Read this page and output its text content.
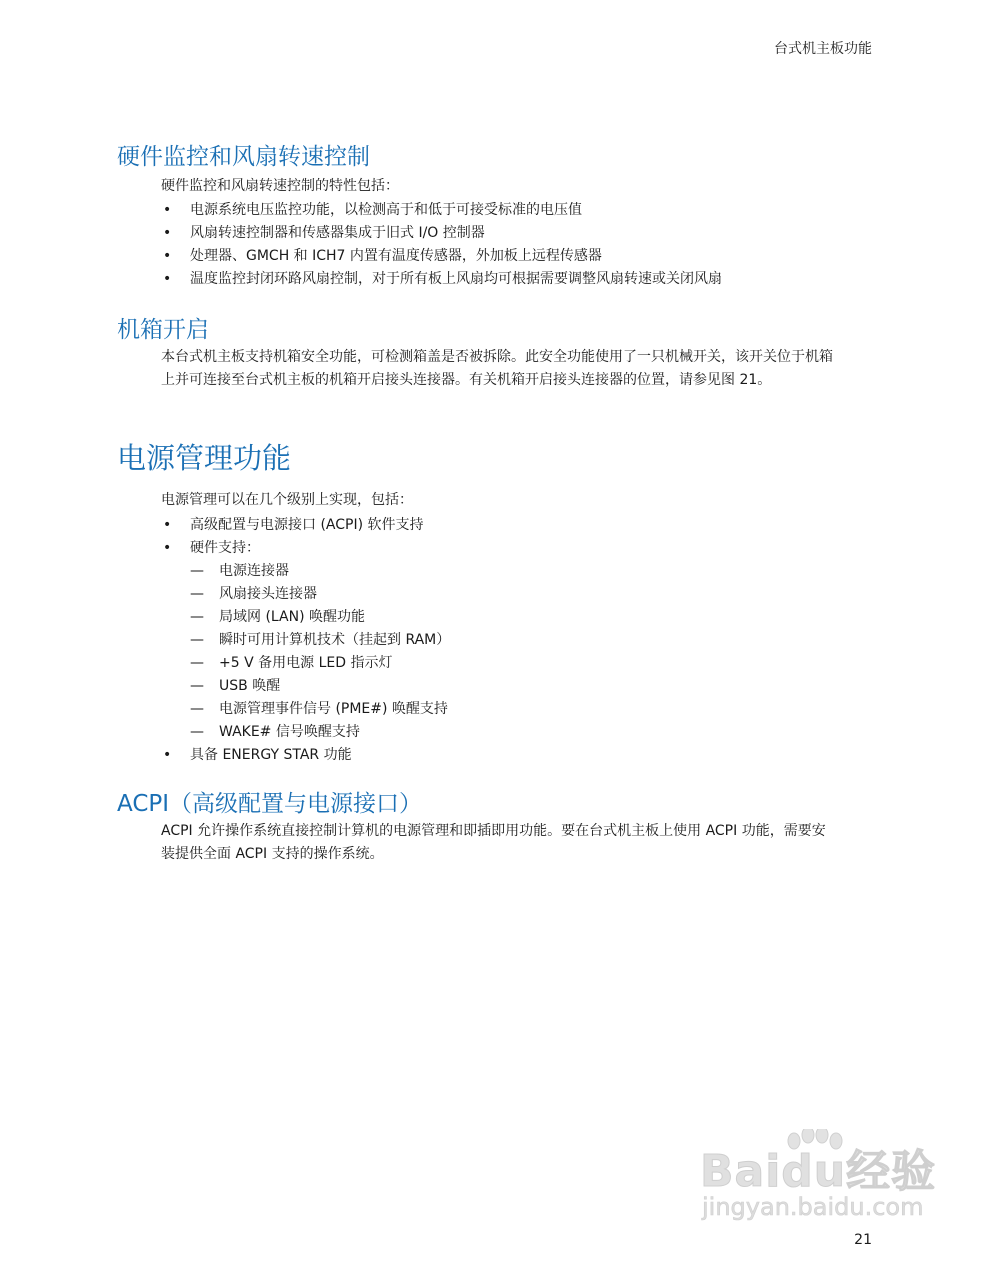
台式机主板功能
硬件监控和风扇转速控制

硬件监控和风扇转速控制的特性包括：

• 电源系统电压监控功能，以检测高于和低于可接受标准的电压值
• 风扇转速控制器和传感器集成于旧式 I/O 控制器
• 处理器、GMCH 和 ICH7 内置有温度传感器，外加板上远程传感器
• 温度监控封闭环路风扇控制，对于所有板上风扇均可根据需要调整风扇转速或关闭风扇
机箱开启

本台式机主板支持机箱安全功能，可检测箱盖是否被拆除。此安全功能使用了一只机械开关，该开关位于机箱上并可连接至台式机主板的机箱开启接头连接器。有关机箱开启接头连接器的位置，请参见图 21。

电源管理功能

电源管理可以在几个级别上实现，包括：

• 高级配置与电源接口 (ACPI) 软件支持
• 硬件支持：
— 电源连接器
— 风扇接头连接器
— 局域网 (LAN) 唤醒功能
— 瞬时可用计算机技术（挂起到 RAM）
— +5 V 备用电源 LED 指示灯
— USB 唤醒
— 电源管理事件信号 (PME#) 唤醒支持
— WAKE# 信号唤醒支持
• 具备 ENERGY STAR 功能
ACPI（高级配置与电源接口）

ACPI 允许操作系统直接控制计算机的电源管理和即插即用功能。要在台式机主板上使用 ACPI 功能，需要安装提供全面 ACPI 支持的操作系统。

Baidu经验
jingyan.baidu.com
21
